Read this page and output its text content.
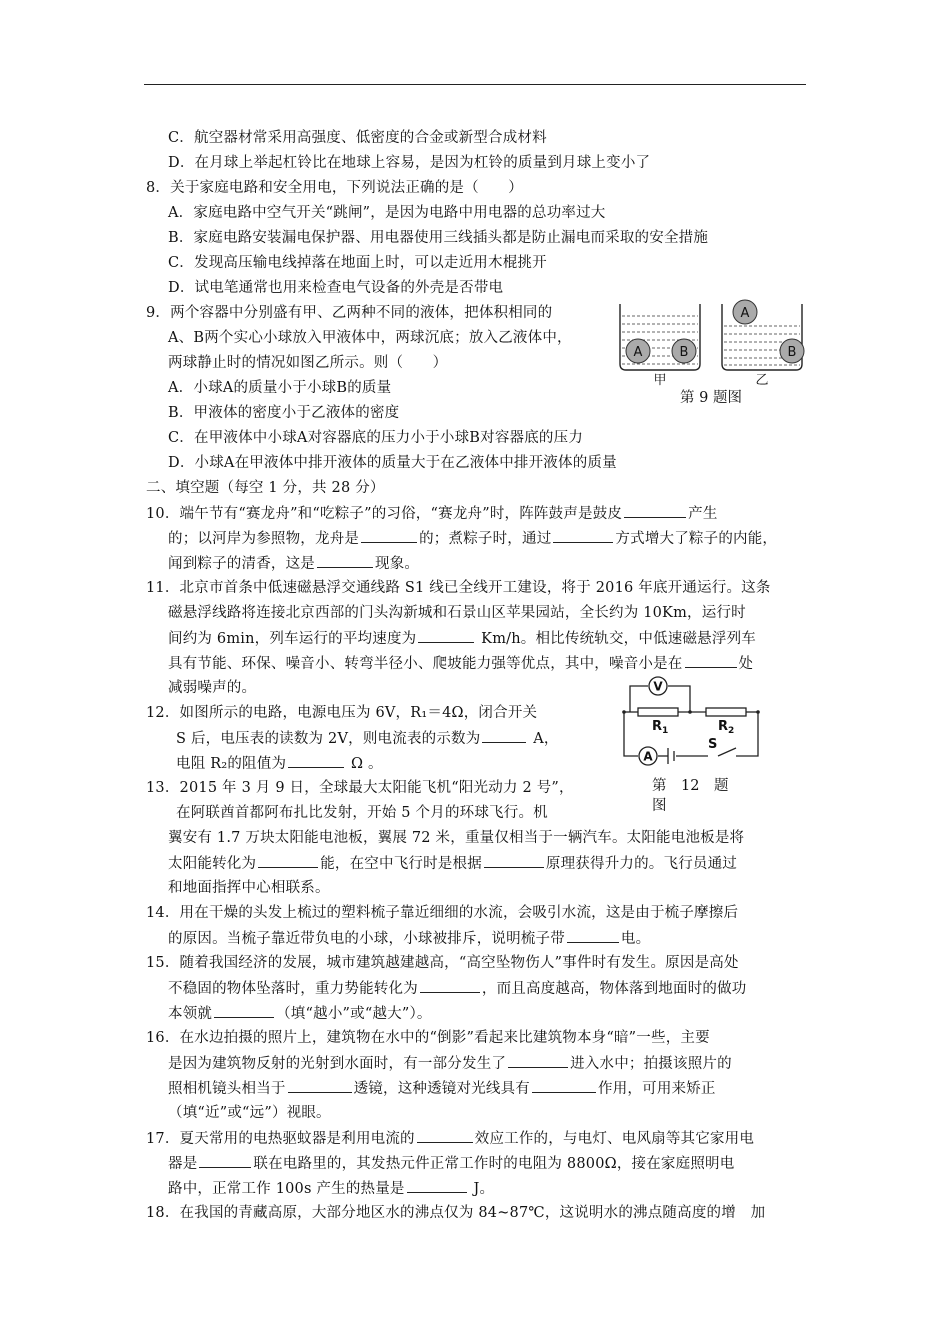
C．航空器材常采用高强度、低密度的合金或新型合成材料
D．在月球上举起杠铃比在地球上容易，是因为杠铃的质量到月球上变小了
8．关于家庭电路和安全用电，下列说法正确的是（　　）
A．家庭电路中空气开关“跳闸”，是因为电路中用电器的总功率过大
B．家庭电路安装漏电保护器、用电器使用三线插头都是防止漏电而采取的安全措施
C．发现高压输电线掉落在地面上时，可以走近用木棍挑开
D．试电笔通常也用来检查电气设备的外壳是否带电
9．两个容器中分别盛有甲、乙两种不同的液体，把体积相同的
A、B两个实心小球放入甲液体中，两球沉底；放入乙液体中，
两球静止时的情况如图乙所示。则（　　）
A．小球A的质量小于小球B的质量
B．甲液体的密度小于乙液体的密度
C．在甲液体中小球A对容器底的压力小于小球B对容器底的压力
D．小球A在甲液体中排开液体的质量大于在乙液体中排开液体的质量
A	B
A
B
甲	乙
第 9 题图
二、填空题（每空 1 分，共 28 分）
10．端午节有“赛龙舟”和“吃粽子”的习俗，“赛龙舟”时，阵阵鼓声是鼓皮	产生
的；以河岸为参照物，龙舟是	的；煮粽子时，通过	方式增大了粽子的内能，
闻到粽子的清香，这是	现象。
11．北京市首条中低速磁悬浮交通线路 S1 线已全线开工建设，将于 2016 年底开通运行。这条
磁悬浮线路将连接北京西部的门头沟新城和石景山区苹果园站，全长约为 10Km，运行时
间约为 6min，列车运行的平均速度为	Km/h。相比传统轨交，中低速磁悬浮列车
具有节能、环保、噪音小、转弯半径小、爬坡能力强等优点，其中，噪音小是在	处
减弱噪声的。
12．如图所示的电路，电源电压为 6V，R₁＝4Ω，闭合开关
S 后，电压表的读数为 2V，则电流表的示数为	A，
电阻 R₂的阻值为	Ω 。
V
A
$R_1$	$R_2$
S
第　12　题
图
13．2015 年 3 月 9 日，全球最大太阳能飞机“阳光动力 2 号”，
在阿联酋首都阿布扎比发射，开始 5 个月的环球飞行。机
翼安有 1.7 万块太阳能电池板，翼展 72 米，重量仅相当于一辆汽车。太阳能电池板是将
太阳能转化为	能，在空中飞行时是根据	原理获得升力的。飞行员通过
和地面指挥中心相联系。
14．用在干燥的头发上梳过的塑料梳子靠近细细的水流，会吸引水流，这是由于梳子摩擦后
的原因。当梳子靠近带负电的小球，小球被排斥，说明梳子带	电。
15．随着我国经济的发展，城市建筑越建越高，“高空坠物伤人”事件时有发生。原因是高处
不稳固的物体坠落时，重力势能转化为	，而且高度越高，物体落到地面时的做功
本领就	（填“越小”或“越大”）。
16．在水边拍摄的照片上，建筑物在水中的“倒影”看起来比建筑物本身“暗”一些，主要
是因为建筑物反射的光射到水面时，有一部分发生了	进入水中；拍摄该照片的
照相机镜头相当于	透镜，这种透镜对光线具有	作用，可用来矫正
（填“近”或“远”）视眼。
17．夏天常用的电热驱蚊器是利用电流的	效应工作的，与电灯、电风扇等其它家用电
器是	联在电路里的，其发热元件正常工作时的电阻为 8800Ω，接在家庭照明电
路中，正常工作 100s 产生的热量是	J。
18．在我国的青藏高原，大部分地区水的沸点仅为 84~87℃，这说明水的沸点随高度的增　加
